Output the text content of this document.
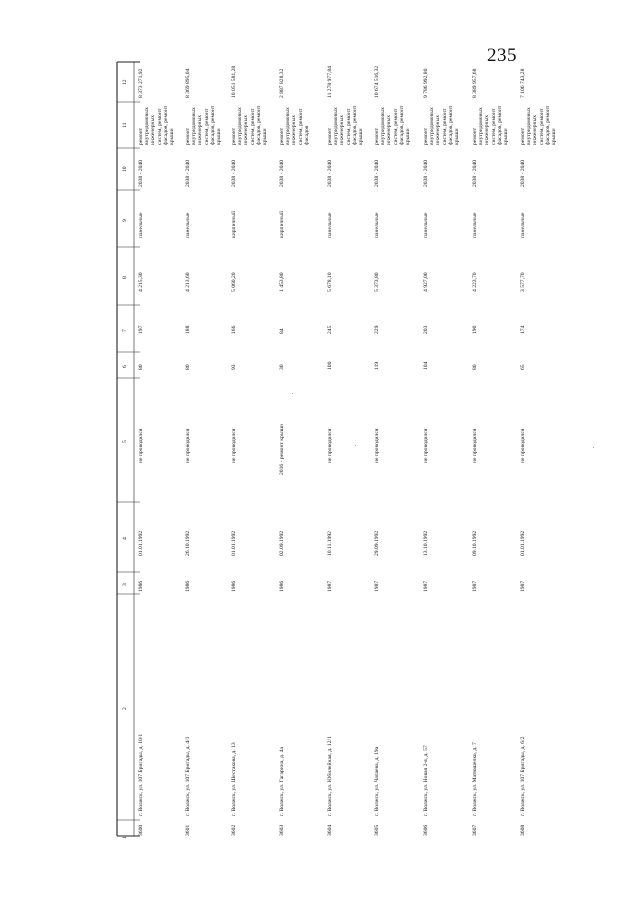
235
1
2
3
4
5
6
7
8
9
10
11
12
3600
г. Волжск, ул. 107 Бригады, д. 10/1
1986
01.01.1992
не проводился
80
197
4 215,30
панельные
2038 - 2040
ремонт внутридомовых инженерных систем, ремонт фасадов, ремонт крыши
8 373 271,92
3601
г. Волжск, ул. 107 Бригады, д. 4/1
1986
26.10.1992
не проводился
80
188
4 213,60
панельные
2038 - 2040
ремонт внутридомовых инженерных систем, ремонт фасадов, ремонт крыши
8 369 895,04
3602
г. Волжск, ул. Шестакова, д. 13
1986
01.01.1992
не проводился
93
166
5 060,20
кирпичный
2038 - 2040
ремонт внутридомовых инженерных систем, ремонт фасадов, ремонт крыши
10 051 581,28
3603
г. Волжск, ул. Гагарина, д. 4а
1986
02.09.1992
2016 - ремонт крыши
30
84
1 453,80
кирпичный
2038 - 2040
ремонт внутридомовых инженерных систем, ремонт фасадов
2 887 828,32
3604
г. Волжск, ул. Юбилейная, д. 12/1
1987
10.11.1992
не проводился
100
245
5 678,10
панельные
2038 - 2040
ремонт внутридомовых инженерных систем, ремонт фасадов, ремонт крыши
11 278 977,84
3605
г. Волжск, ул. Чапаева, д. 19а
1987
29.09.1992
не проводился
119
229
5 373,80
панельные
2038 - 2040
ремонт внутридомовых инженерных систем, ремонт фасадов, ремонт крыши
10 674 516,32
3606
г. Волжск, ул. Новая 2-я, д. 57
1987
13.10.1992
не проводился
104
203
4 927,00
панельные
2038 - 2040
ремонт внутридомовых инженерных систем, ремонт фасадов, ремонт крыши
9 786 992,80
3607
г. Волжск, ул. Матюшенко, д. 7
1987
09.10.1992
не проводился
80
190
4 223,70
панельные
2038 - 2040
ремонт внутридомовых инженерных систем, ремонт фасадов, ремонт крыши
8 389 957,68
3608
г. Волжск, ул. 107 Бригады, д. 6/2
1987
01.01.1992
не проводился
65
174
3 577,70
панельные
2038 - 2040
ремонт внутридомовых инженерных систем, ремонт фасадов, ремонт крыши
7 106 743,28
